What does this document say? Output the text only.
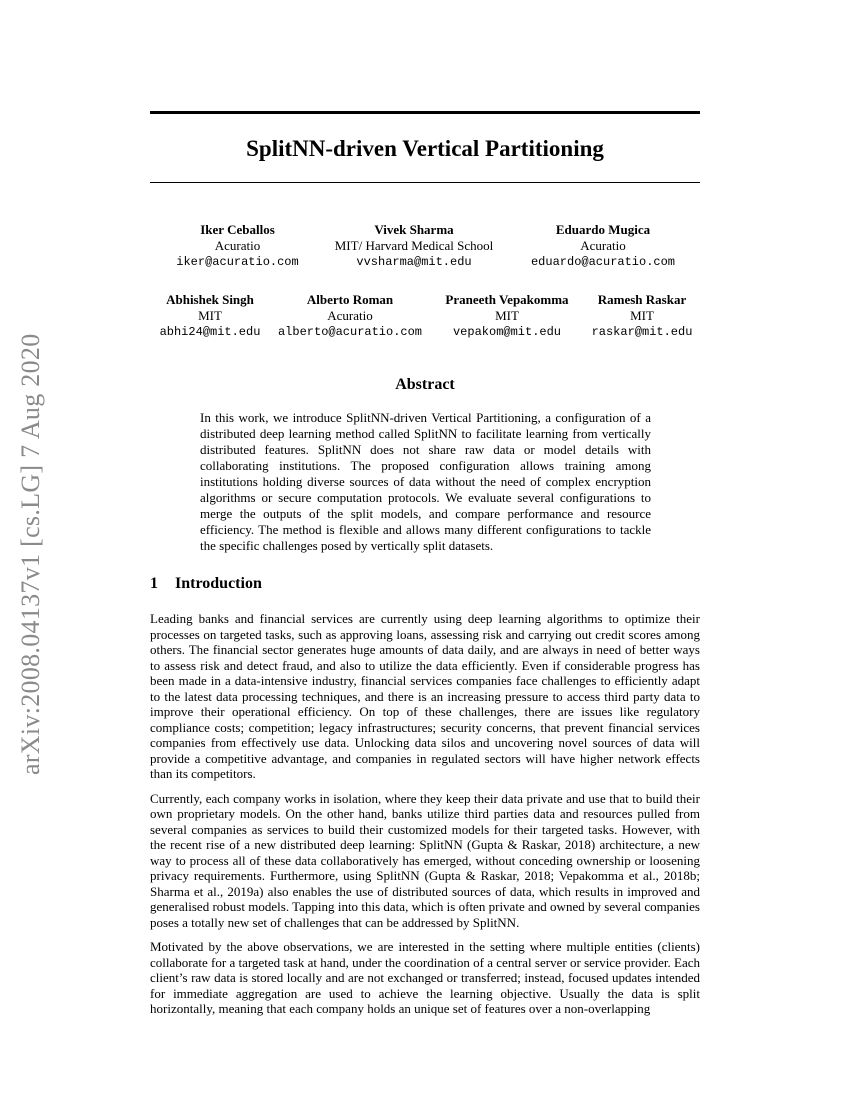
arXiv:2008.04137v1 [cs.LG] 7 Aug 2020
SplitNN-driven Vertical Partitioning
Iker Ceballos
Acuratio
iker@acuratio.com
Vivek Sharma
MIT/ Harvard Medical School
vvsharma@mit.edu
Eduardo Mugica
Acuratio
eduardo@acuratio.com
Abhishek Singh
MIT
abhi24@mit.edu
Alberto Roman
Acuratio
alberto@acuratio.com
Praneeth Vepakomma
MIT
vepakom@mit.edu
Ramesh Raskar
MIT
raskar@mit.edu
Abstract

In this work, we introduce SplitNN-driven Vertical Partitioning, a configuration of a distributed deep learning method called SplitNN to facilitate learning from vertically distributed features. SplitNN does not share raw data or model details with collaborating institutions. The proposed configuration allows training among institutions holding diverse sources of data without the need of complex encryption algorithms or secure computation protocols. We evaluate several configurations to merge the outputs of the split models, and compare performance and resource efficiency. The method is flexible and allows many different configurations to tackle the specific challenges posed by vertically split datasets.

1 Introduction

Leading banks and financial services are currently using deep learning algorithms to optimize their processes on targeted tasks, such as approving loans, assessing risk and carrying out credit scores among others. The financial sector generates huge amounts of data daily, and are always in need of better ways to assess risk and detect fraud, and also to utilize the data efficiently. Even if considerable progress has been made in a data-intensive industry, financial services companies face challenges to efficiently adapt to the latest data processing techniques, and there is an increasing pressure to access third party data to improve their operational efficiency. On top of these challenges, there are issues like regulatory compliance costs; competition; legacy infrastructures; security concerns, that prevent financial services companies from effectively use data. Unlocking data silos and uncovering novel sources of data will provide a competitive advantage, and companies in regulated sectors will have higher network effects than its competitors.

Currently, each company works in isolation, where they keep their data private and use that to build their own proprietary models. On the other hand, banks utilize third parties data and resources pulled from several companies as services to build their customized models for their targeted tasks. However, with the recent rise of a new distributed deep learning: SplitNN (Gupta & Raskar, 2018) architecture, a new way to process all of these data collaboratively has emerged, without conceding ownership or loosening privacy requirements. Furthermore, using SplitNN (Gupta & Raskar, 2018; Vepakomma et al., 2018b; Sharma et al., 2019a) also enables the use of distributed sources of data, which results in improved and generalised robust models. Tapping into this data, which is often private and owned by several companies poses a totally new set of challenges that can be addressed by SplitNN.

Motivated by the above observations, we are interested in the setting where multiple entities (clients) collaborate for a targeted task at hand, under the coordination of a central server or service provider. Each client’s raw data is stored locally and are not exchanged or transferred; instead, focused updates intended for immediate aggregation are used to achieve the learning objective. Usually the data is split horizontally, meaning that each company holds an unique set of features over a non-overlapping
